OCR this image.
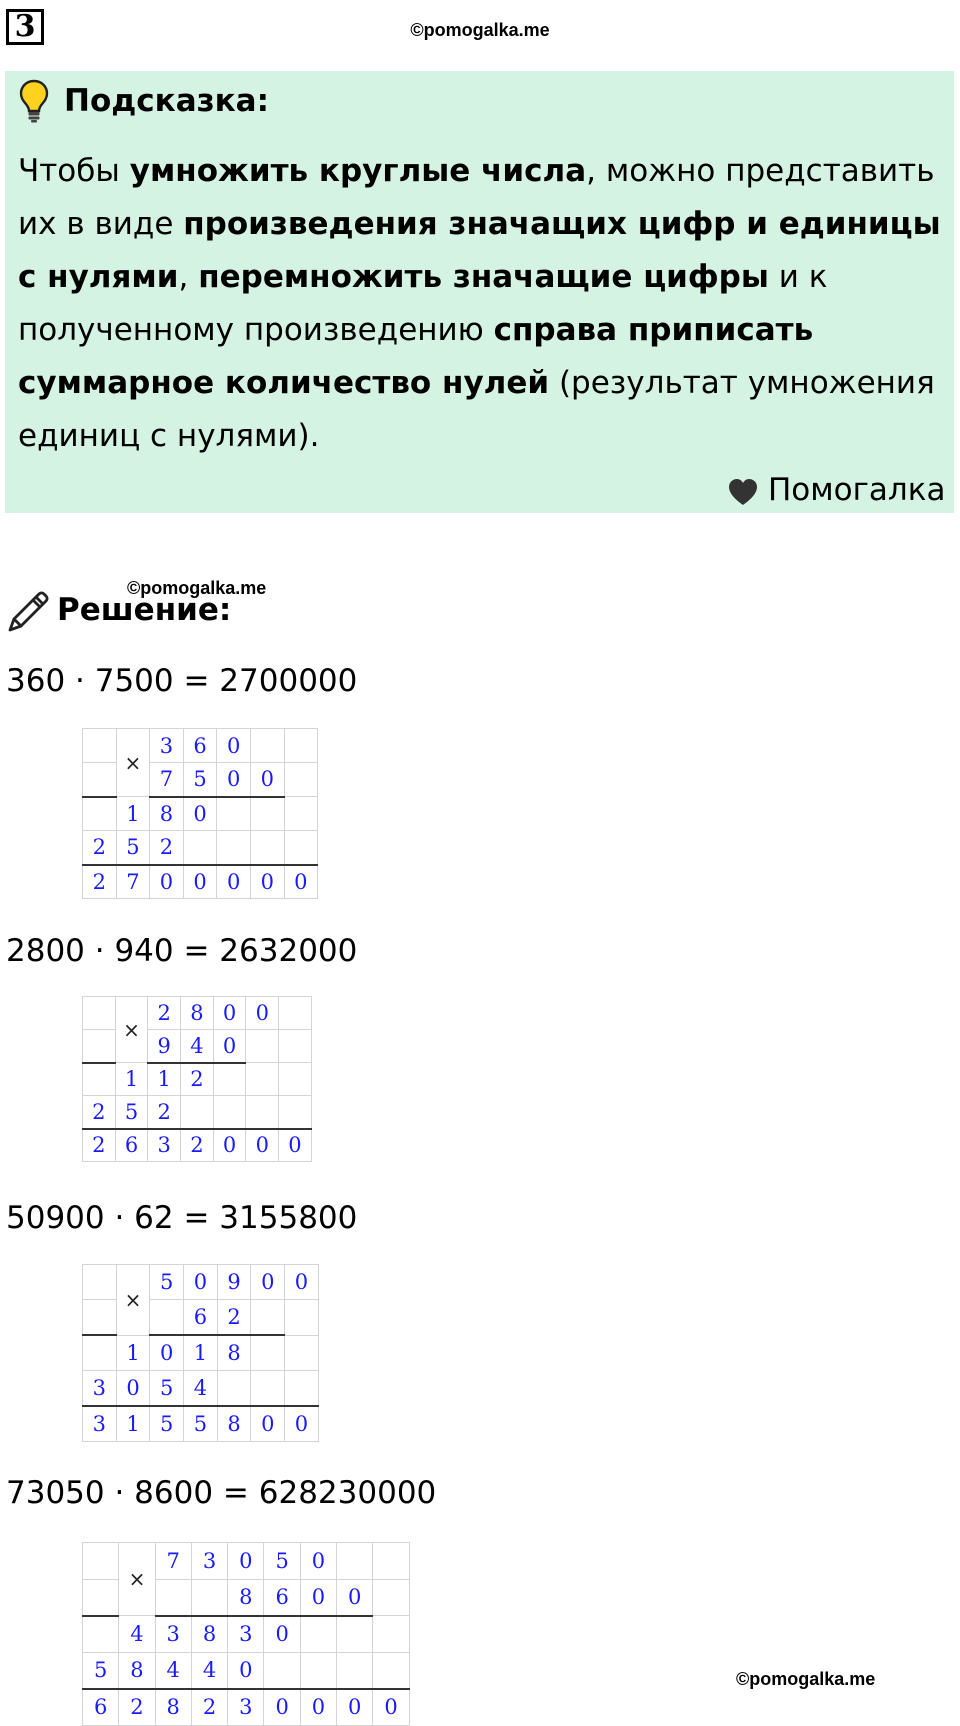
3	©pomogalka.me
Подсказка:
Чтобы умножить круглые числа, можно представить их в виде произведения значащих цифр и единицы с нулями, перемножить значащие цифры и к полученному произведению справа приписать суммарное количество нулей (результат умножения единиц с нулями).
Помогалка
©pomogalka.me
Решение:
360 · 7500 = 2700000
2800 · 940 = 2632000
50900 · 62 = 3155800
73050 · 8600 = 628230000
	×	3	6	0		
		7	5	0	0	
	1	8	0			
2	5	2				
2	7	0	0	0	0	0
	×	2	8	0	0	
		9	4	0		
	1	1	2			
2	5	2				
2	6	3	2	0	0	0
	×	5	0	9	0	0
			6	2		
	1	0	1	8		
3	0	5	4			
3	1	5	5	8	0	0
	×	7	3	0	5	0		
				8	6	0	0	
	4	3	8	3	0			
5	8	4	4	0				
6	2	8	2	3	0	0	0	0
©pomogalka.me
